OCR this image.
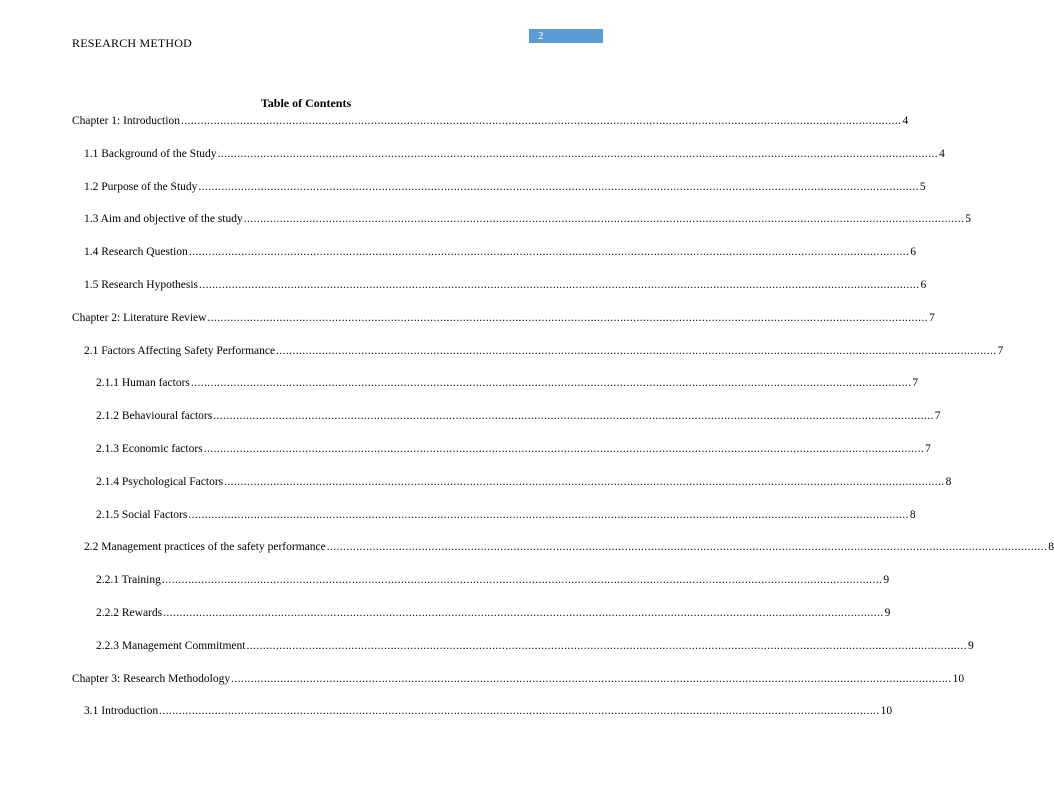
RESEARCH METHOD	2
Table of Contents
Chapter 1: Introduction ............................................................................................................................................................................................................................ 4
1.1 Background of the Study ............................................................................................................................................................................................................................ 4
1.2 Purpose of the Study ............................................................................................................................................................................................................................ 5
1.3 Aim and objective of the study ............................................................................................................................................................................................................................ 5
1.4 Research Question ............................................................................................................................................................................................................................ 6
1.5 Research Hypothesis ............................................................................................................................................................................................................................ 6
Chapter 2: Literature Review ............................................................................................................................................................................................................................ 7
2.1 Factors Affecting Safety Performance ............................................................................................................................................................................................................................ 7
2.1.1 Human factors ............................................................................................................................................................................................................................ 7
2.1.2 Behavioural factors ............................................................................................................................................................................................................................ 7
2.1.3 Economic factors ............................................................................................................................................................................................................................ 7
2.1.4 Psychological Factors ............................................................................................................................................................................................................................ 8
2.1.5 Social Factors ............................................................................................................................................................................................................................ 8
2.2 Management practices of the safety performance ............................................................................................................................................................................................................................ 8
2.2.1 Training ............................................................................................................................................................................................................................ 9
2.2.2 Rewards ............................................................................................................................................................................................................................ 9
2.2.3 Management Commitment ............................................................................................................................................................................................................................ 9
Chapter 3: Research Methodology ............................................................................................................................................................................................................................ 10
3.1 Introduction ............................................................................................................................................................................................................................ 10
